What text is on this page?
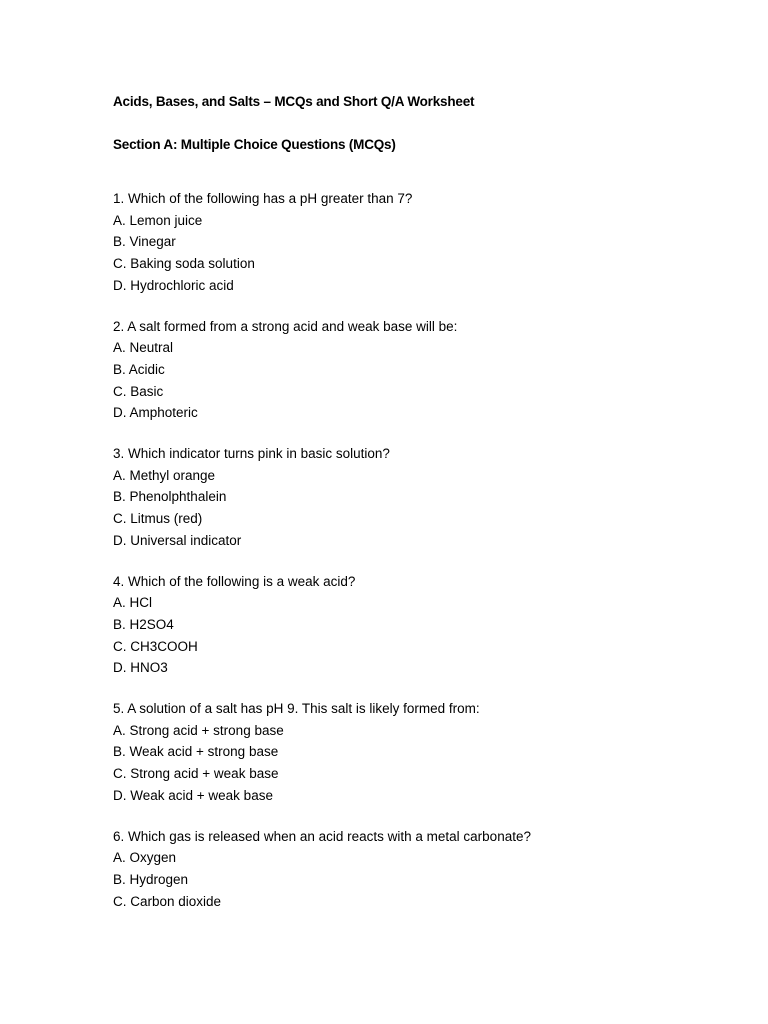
Acids, Bases, and Salts – MCQs and Short Q/A Worksheet
Section A: Multiple Choice Questions (MCQs)

1. Which of the following has a pH greater than 7?

A. Lemon juice

B. Vinegar

C. Baking soda solution

D. Hydrochloric acid

2. A salt formed from a strong acid and weak base will be:

A. Neutral

B. Acidic

C. Basic

D. Amphoteric

3. Which indicator turns pink in basic solution?

A. Methyl orange

B. Phenolphthalein

C. Litmus (red)

D. Universal indicator

4. Which of the following is a weak acid?

A. HCl

B. H2SO4

C. CH3COOH

D. HNO3

5. A solution of a salt has pH 9. This salt is likely formed from:

A. Strong acid + strong base

B. Weak acid + strong base

C. Strong acid + weak base

D. Weak acid + weak base

6. Which gas is released when an acid reacts with a metal carbonate?

A. Oxygen

B. Hydrogen

C. Carbon dioxide
